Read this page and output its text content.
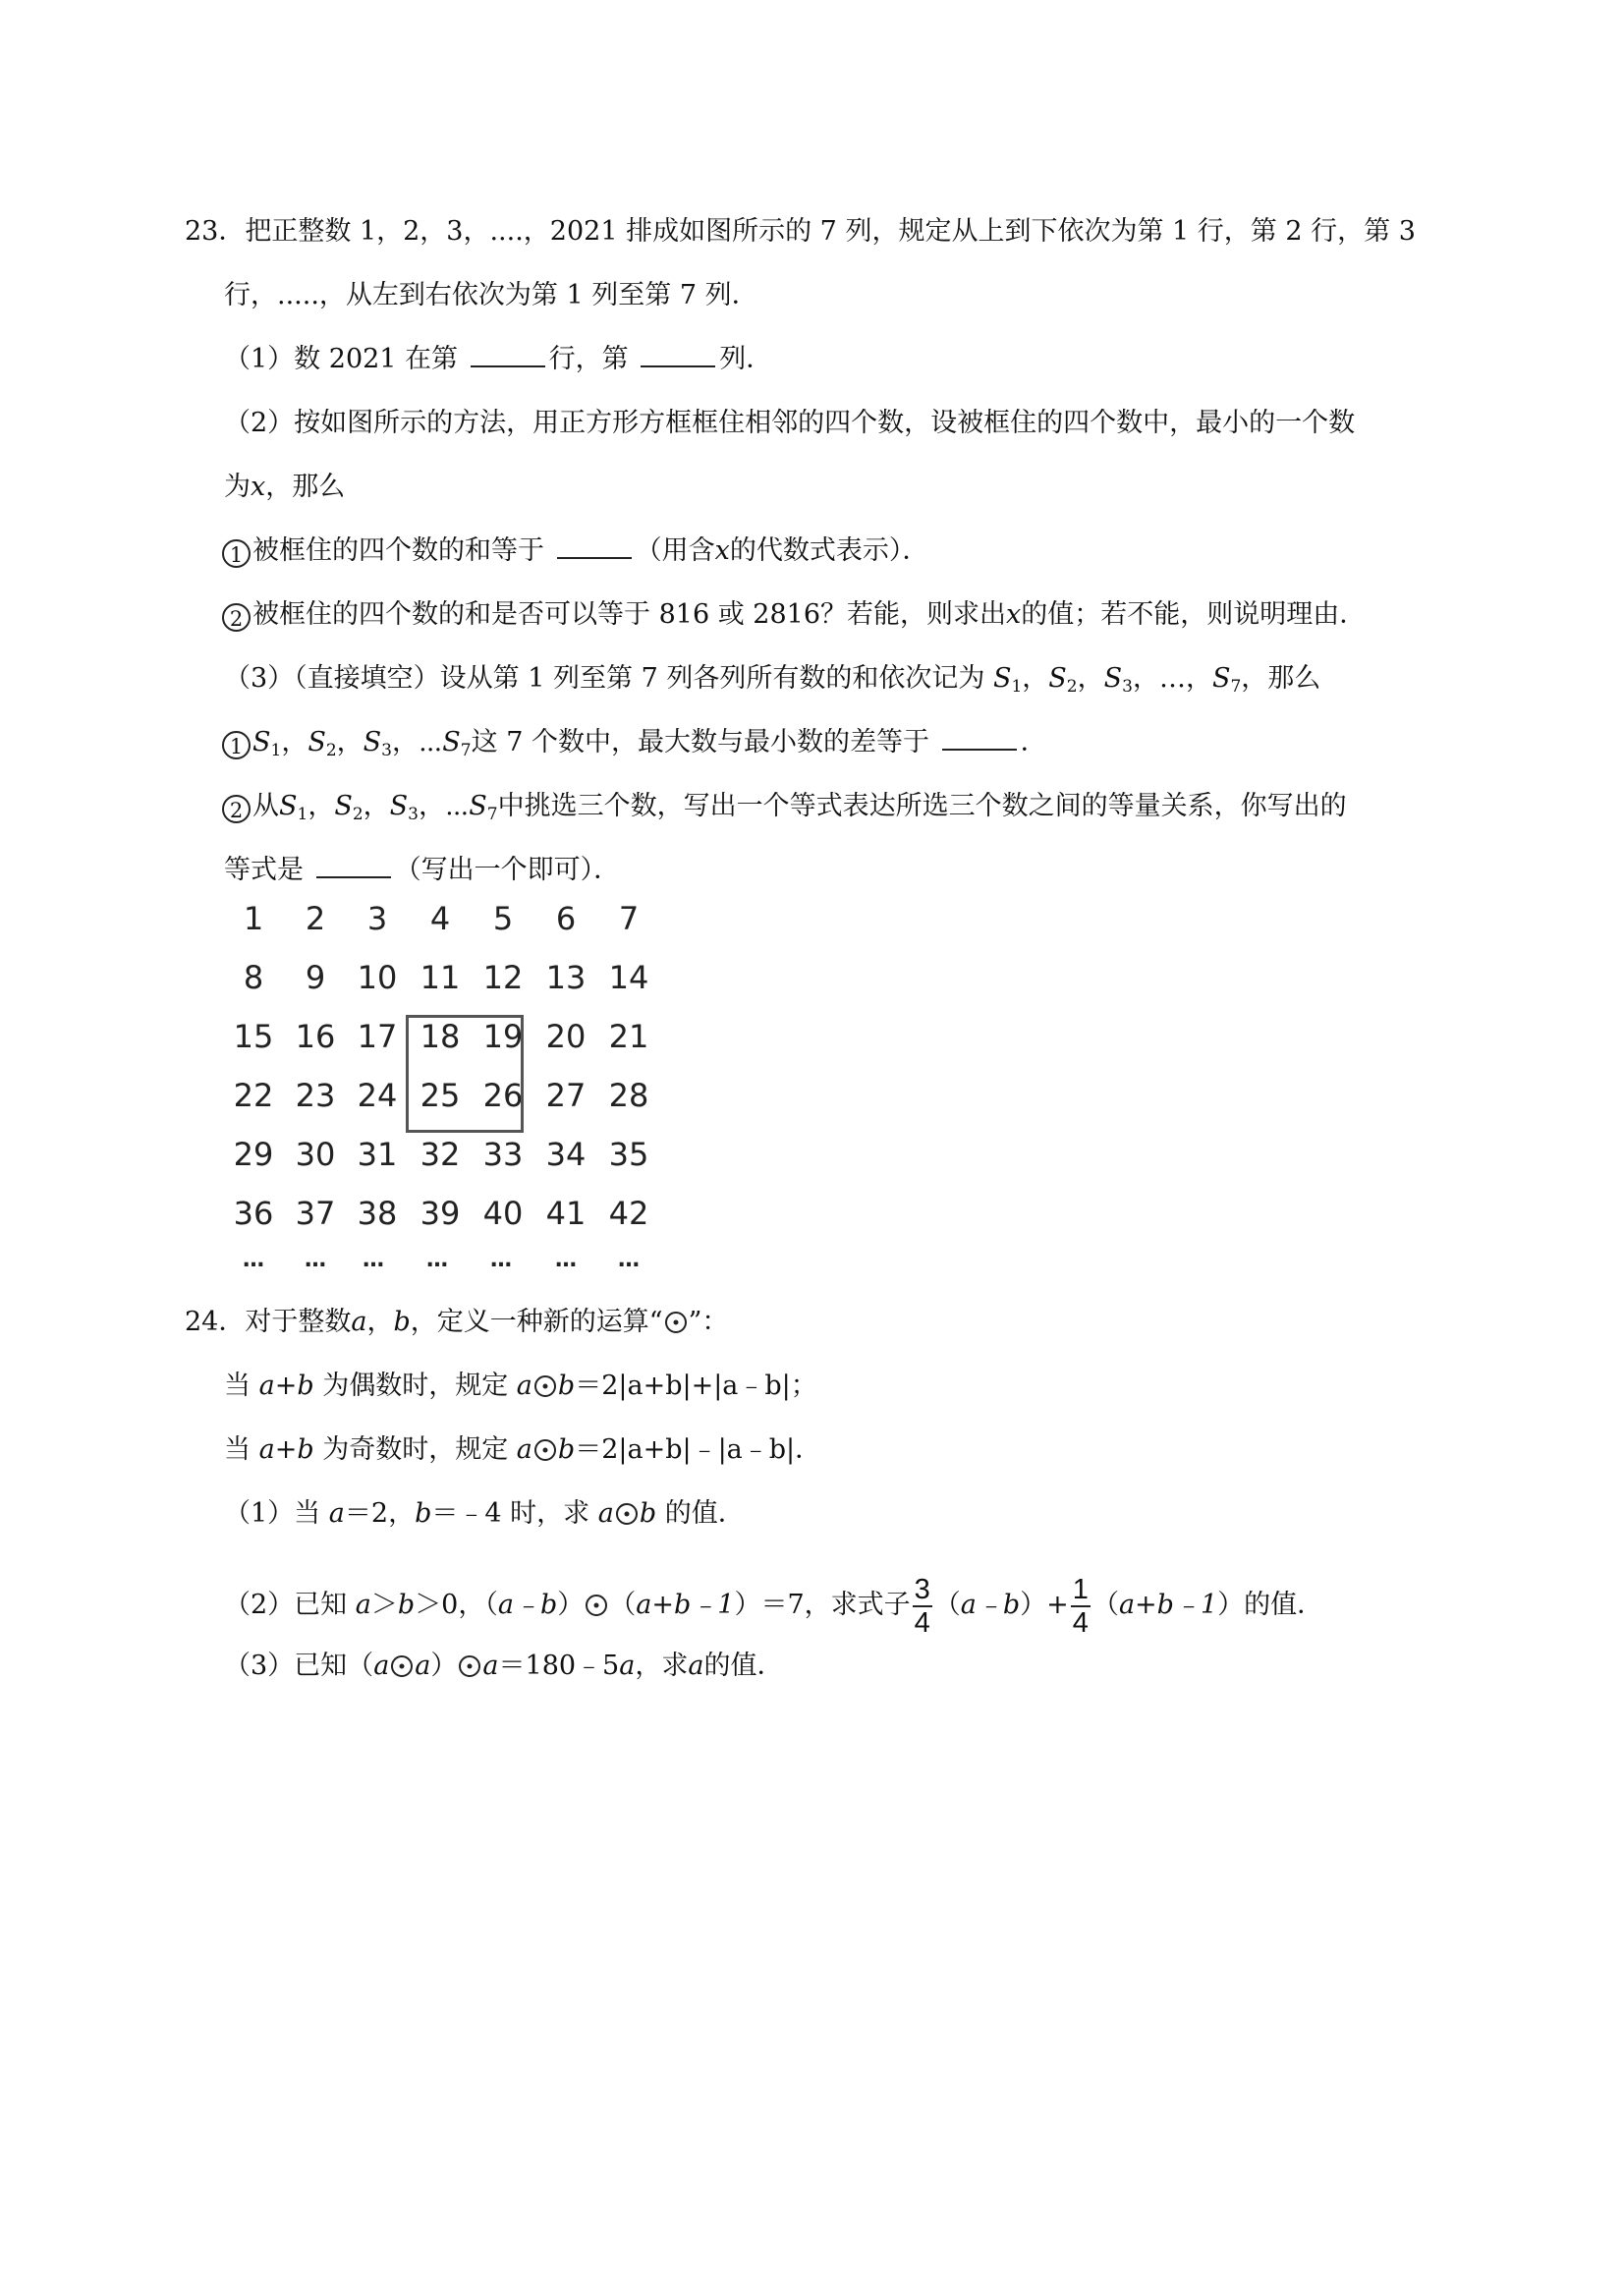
23．把正整数 1，2，3，....，2021 排成如图所示的 7 列，规定从上到下依次为第 1 行，第 2 行，第 3
行，.....，从左到右依次为第 1 列至第 7 列．
（1）数 2021 在第	行，第	列．
（2）按如图所示的方法，用正方形方框框住相邻的四个数，设被框住的四个数中，最小的一个数
为x，那么
1 被框住的四个数的和等于	（用含x的代数式表示）．
2 被框住的四个数的和是否可以等于 816 或 2816？若能，则求出x的值；若不能，则说明理由．
（3）（直接填空）设从第 1 列至第 7 列各列所有数的和依次记为 $S_1$，$S_2$，$S_3$，…，$S_7$，那么
1 $S_1$，$S_2$，$S_3$，$\cdots S_7$这 7 个数中，最大数与最小数的差等于	．
2 从$S_1$，$S_2$，$S_3$，$\cdots S_7$中挑选三个数，写出一个等式表达所选三个数之间的等量关系，你写出的
等式是	（写出一个即可）．
1	2	3	4	5	6	7
8	9	10 11 12 13 14
15 16 17 18 19 20 21
22 23 24 25 26 27 28
29 30 31 32 33 34 35
36 37 38 39 40 41 42
…	…	…	…	…	…	…
24．对于整数a，b，定义一种新的运算“ ”：
当 a+b 为偶数时，规定 a b＝2|a+b|+|a﹣b|；
当 a+b 为奇数时，规定 a b＝2|a+b|﹣|a﹣b|．
（1）当 a＝2，b＝﹣4 时，求 a b 的值．
（2）已知 a＞b＞0，（a﹣b） （a+b﹣1）＝7，求式子 $\frac{3}{4}$ （a﹣b）+ $\frac{1}{4}$ （a+b﹣1）的值．
（3）已知（a a） a＝180﹣5a，求a的值．
